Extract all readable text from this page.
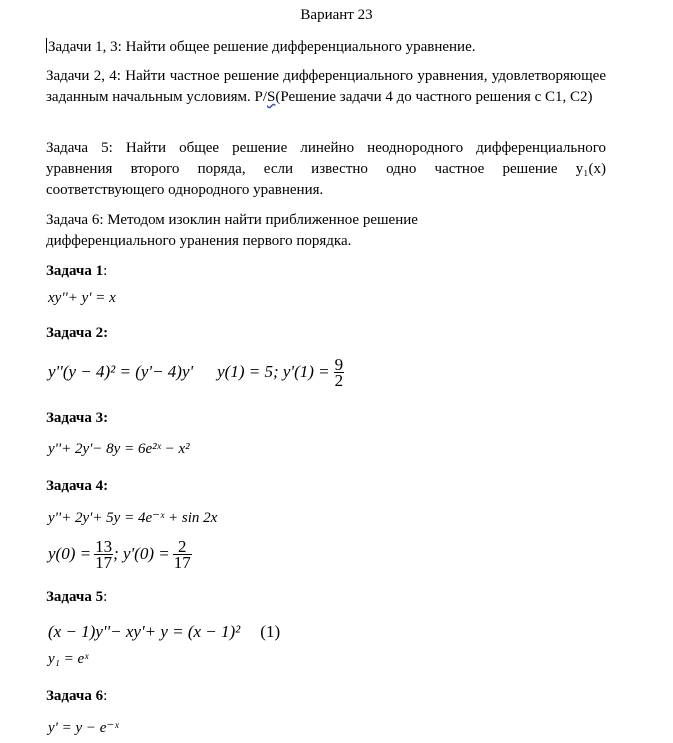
Вариант 23
Задачи 1, 3: Найти общее решение дифференциального уравнение.
Задачи 2, 4: Найти частное решение дифференциального уравнения, удовлетворяющее заданным начальным условиям. P/S(Решение задачи 4 до частного решения с С1, С2)
Задача 5: Найти общее решение линейно неоднородного дифференциального уравнения второго поряда, если известно одно частное решение y₁(x) соответствующего однородного уравнения.
Задача 6: Методом изоклин найти приближенное решение дифференциального уранения первого порядка.
Задача 1:
xy''+ y' = x
Задача 2:
y''(y − 4)² = (y'− 4)y' y(1) = 5; $y'(1) = \frac{9}{2}$
Задача 3:
y''+ 2y'− 8y = 6e²ˣ − x²
Задача 4:
y''+ 2y'+ 5y = 4e⁻ˣ + sin 2x
$y(0) = \frac{13}{17}$ ; $y'(0) = \frac{2}{17}$
Задача 5:
(x − 1)y''− xy'+ y = (x − 1)² (1)
y₁ = eˣ
Задача 6:
y' = y − e⁻ˣ
